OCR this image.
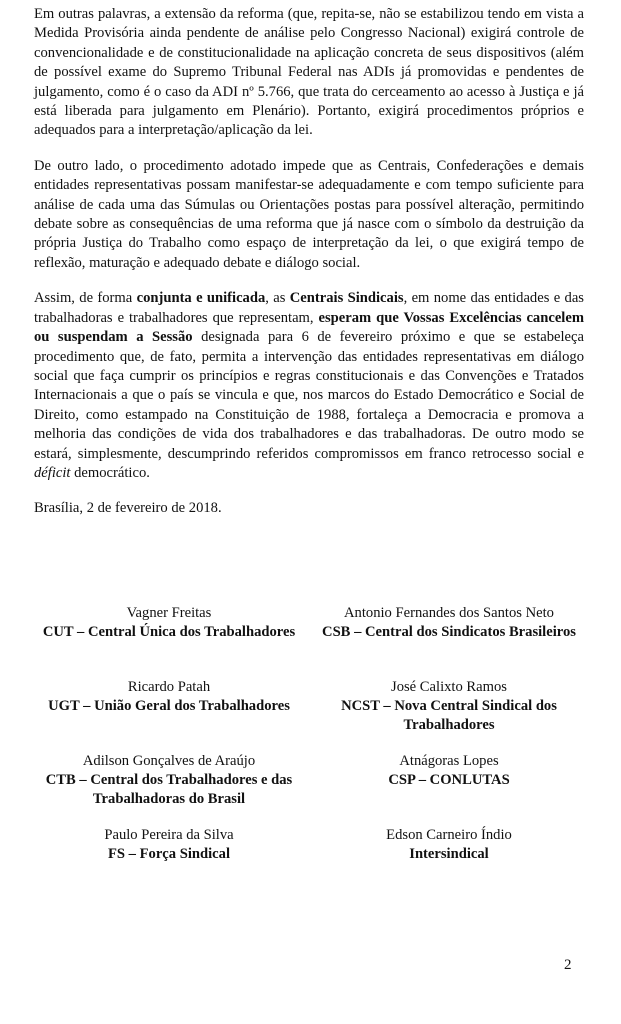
Em outras palavras, a extensão da reforma (que, repita-se, não se estabilizou tendo em vista a Medida Provisória ainda pendente de análise pelo Congresso Nacional) exigirá controle de convencionalidade e de constitucionalidade na aplicação concreta de seus dispositivos (além de possível exame do Supremo Tribunal Federal nas ADIs já promovidas e pendentes de julgamento, como é o caso da ADI nº 5.766, que trata do cerceamento ao acesso à Justiça e já está liberada para julgamento em Plenário). Portanto, exigirá procedimentos próprios e adequados para a interpretação/aplicação da lei.

De outro lado, o procedimento adotado impede que as Centrais, Confederações e demais entidades representativas possam manifestar-se adequadamente e com tempo suficiente para análise de cada uma das Súmulas ou Orientações postas para possível alteração, permitindo debate sobre as consequências de uma reforma que já nasce com o símbolo da destruição da própria Justiça do Trabalho como espaço de interpretação da lei, o que exigirá tempo de reflexão, maturação e adequado debate e diálogo social.

Assim, de forma conjunta e unificada, as Centrais Sindicais, em nome das entidades e das trabalhadoras e trabalhadores que representam, esperam que Vossas Excelências cancelem ou suspendam a Sessão designada para 6 de fevereiro próximo e que se estabeleça procedimento que, de fato, permita a intervenção das entidades representativas em diálogo social que faça cumprir os princípios e regras constitucionais e das Convenções e Tratados Internacionais a que o país se vincula e que, nos marcos do Estado Democrático e Social de Direito, como estampado na Constituição de 1988, fortaleça a Democracia e promova a melhoria das condições de vida dos trabalhadores e das trabalhadoras. De outro modo se estará, simplesmente, descumprindo referidos compromissos em franco retrocesso social e déficit democrático.

Brasília, 2 de fevereiro de 2018.

Vagner Freitas
CUT – Central Única dos Trabalhadores
Antonio Fernandes dos Santos Neto
CSB – Central dos Sindicatos Brasileiros
Ricardo Patah
UGT – União Geral dos Trabalhadores
José Calixto Ramos
NCST – Nova Central Sindical dos Trabalhadores
Adilson Gonçalves de Araújo
CTB – Central dos Trabalhadores e das Trabalhadoras do Brasil
Atnágoras Lopes
CSP – CONLUTAS
Paulo Pereira da Silva
FS – Força Sindical
Edson Carneiro Índio
Intersindical
2
